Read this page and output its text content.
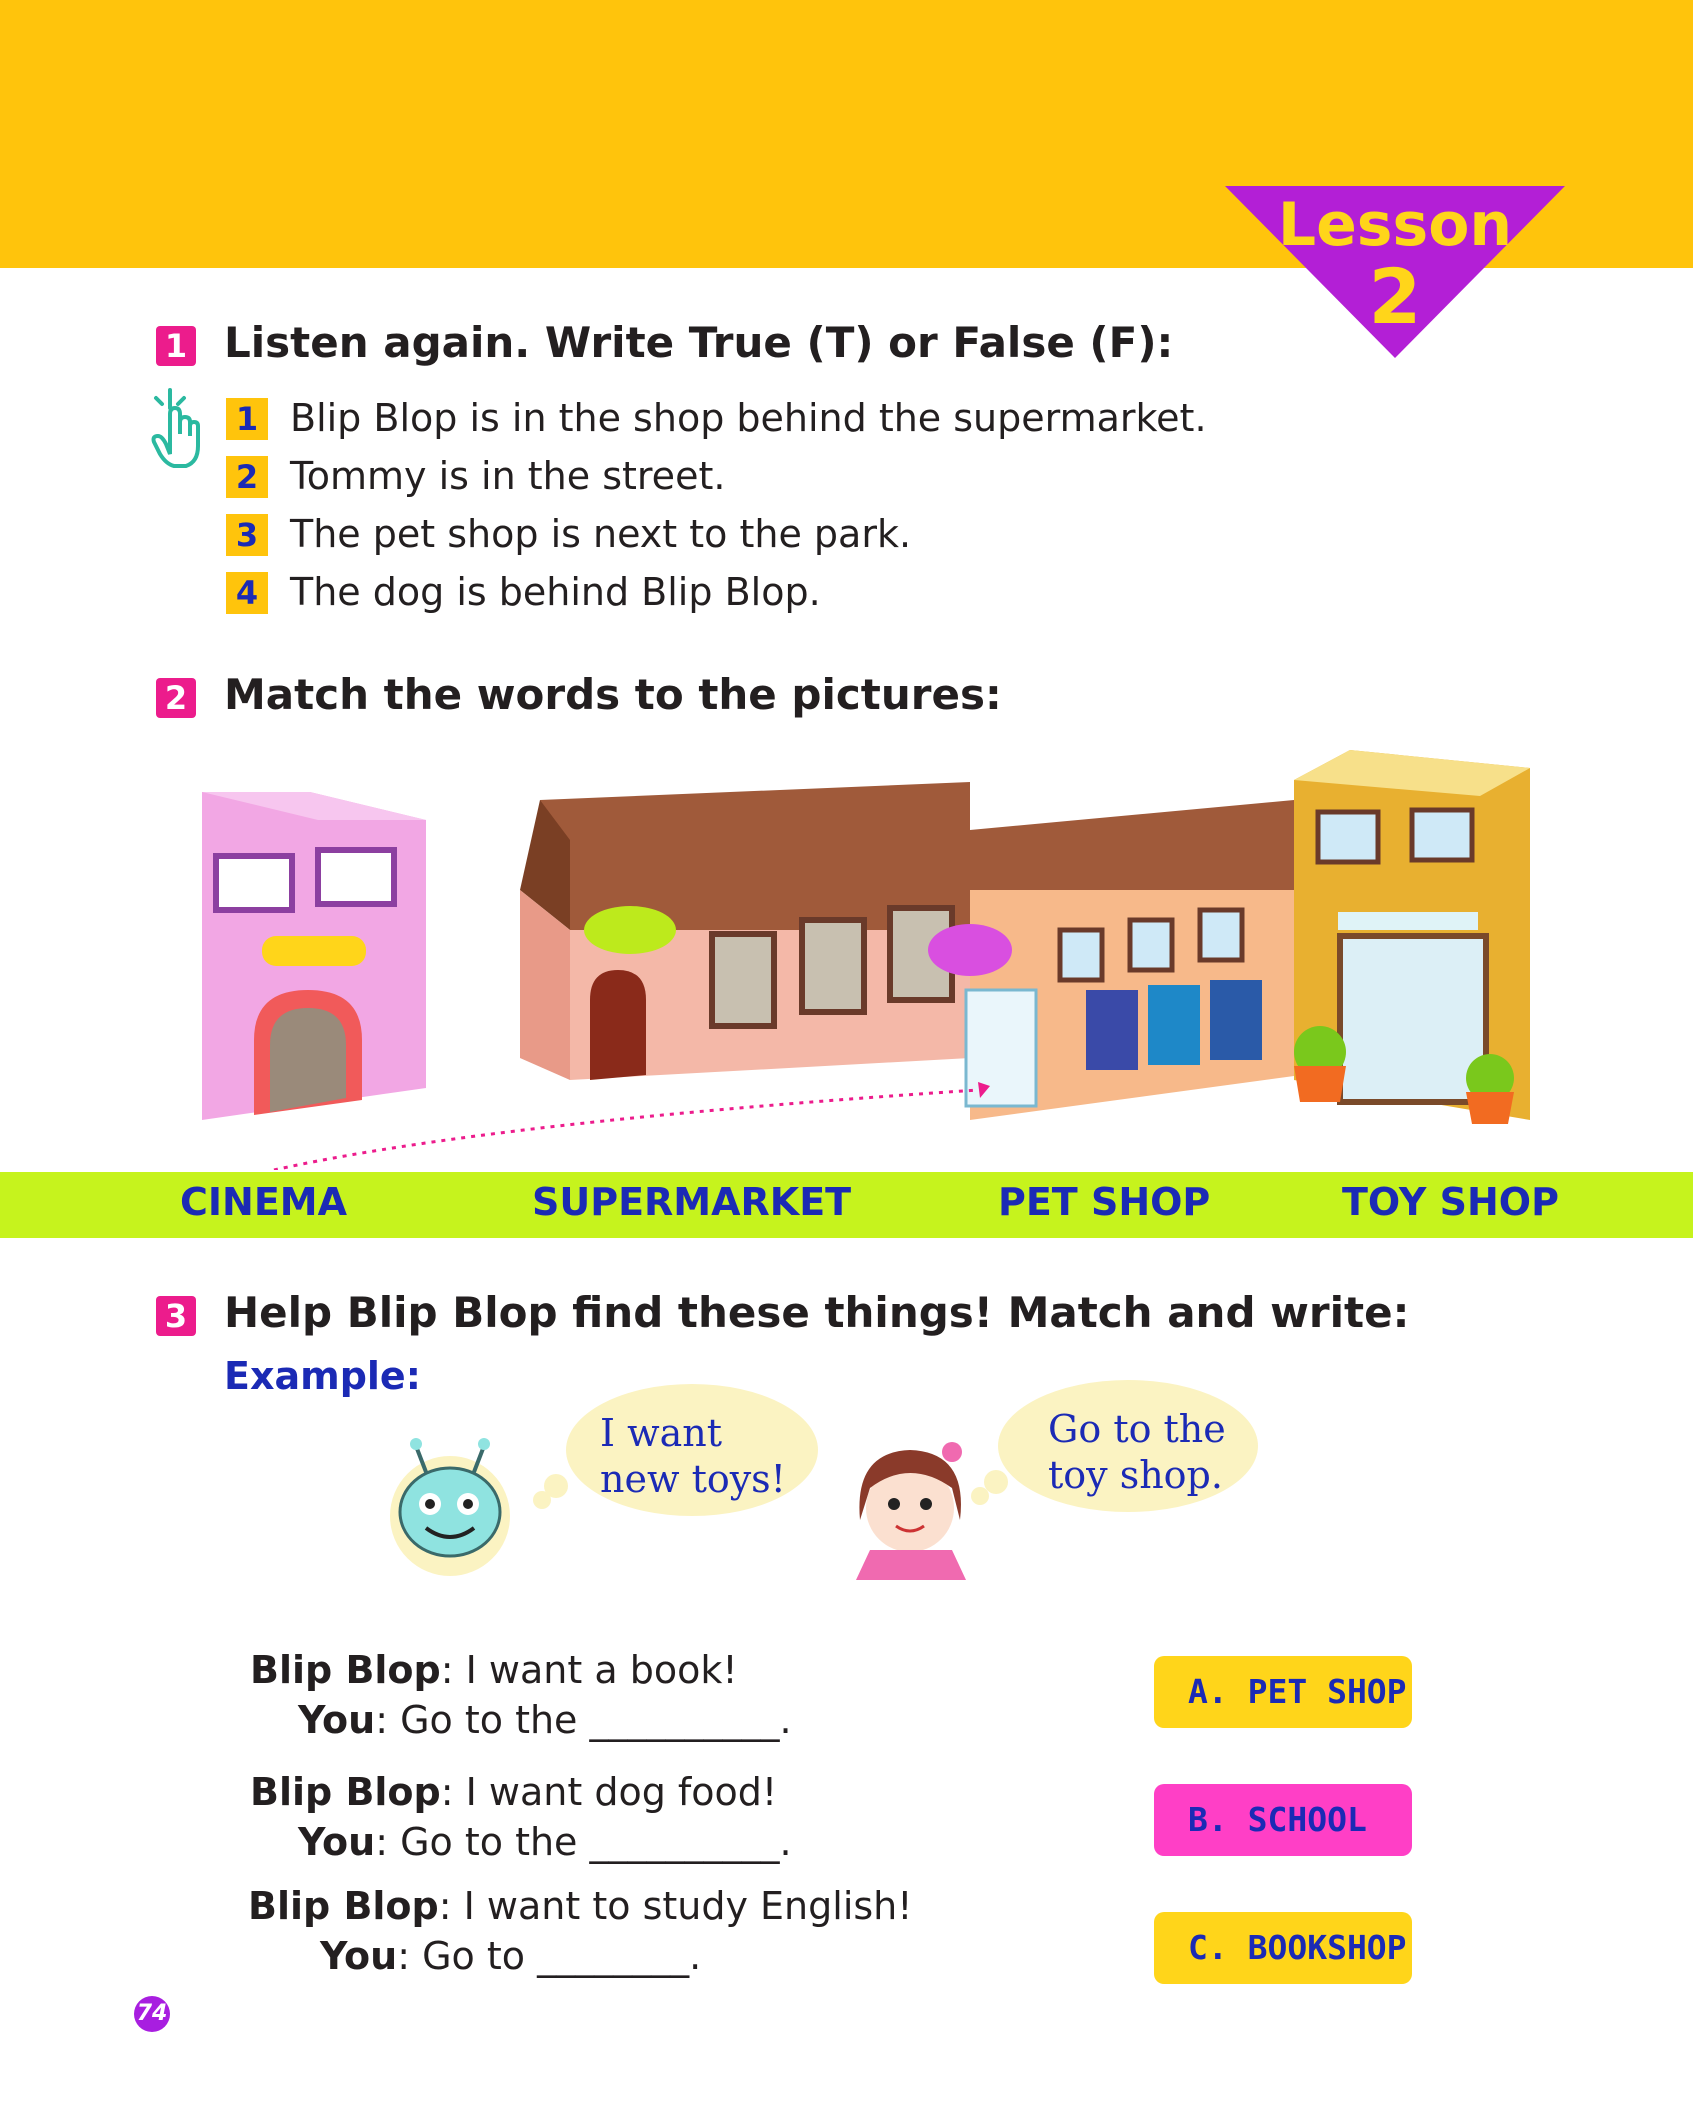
Lesson
2
1 Listen again. Write True (T) or False (F):
1 Blip Blop is in the shop behind the supermarket.
2 Tommy is in the street.
3 The pet shop is next to the park.
4 The dog is behind Blip Blop.
2 Match the words to the pictures:
CINEMA	SUPERMARKET	PET SHOP	TOY SHOP
3 Help Blip Blop find these things! Match and write:
Example:
I want
new toys!
Go to the
toy shop.
Blip Blop: I want a book!
You: Go to the __________.
Blip Blop: I want dog food!
You: Go to the __________.
Blip Blop: I want to study English!
You: Go to ________.
A. PET SHOP
B. SCHOOL
C. BOOKSHOP
74
